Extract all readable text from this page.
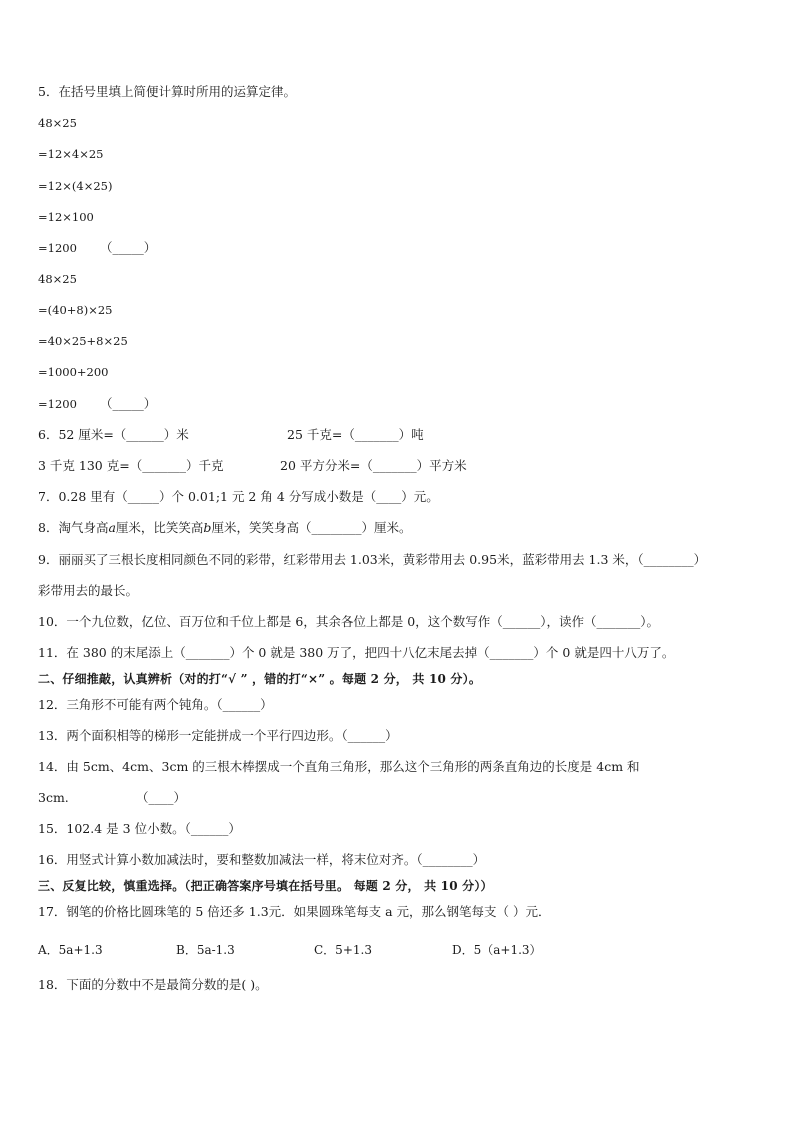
5．在括号里填上简便计算时所用的运算定律。
48×25
=12×4×25
=12×(4×25)
=12×100
=1200 （_____）
48×25
=(40+8)×25
=40×25+8×25
=1000+200
=1200 （_____）
6．52 厘米=（______）米	25 千克=（_______）吨
3 千克 130 克=（_______）千克	20 平方分米=（_______）平方米
7．0.28 里有（_____）个 0.01;1 元 2 角 4 分写成小数是（____）元。
8．淘气身高a厘米，比笑笑高b厘米，笑笑身高（________）厘米。
9．丽丽买了三根长度相同颜色不同的彩带，红彩带用去 1.03米，黄彩带用去 0.95米，蓝彩带用去 1.3 米，（________）
彩带用去的最长。
10．一个九位数，亿位、百万位和千位上都是 6，其余各位上都是 0，这个数写作（______），读作（_______）。
11．在 380 的末尾添上（_______）个 0 就是 380 万了，把四十八亿末尾去掉（_______）个 0 就是四十八万了。
二、仔细推敲，认真辨析（对的打“√ ” ，错的打“×” 。每题 2 分， 共 10 分）。
12．三角形不可能有两个钝角。（______）
13．两个面积相等的梯形一定能拼成一个平行四边形。（______）
14．由 5cm、4cm、3cm 的三根木棒摆成一个直角三角形，那么这个三角形的两条直角边的长度是 4cm 和
3cm.	（____）
15．102.4 是 3 位小数。（______）
16．用竖式计算小数加减法时，要和整数加减法一样，将末位对齐。（________）
三、反复比较，慎重选择。（把正确答案序号填在括号里。 每题 2 分， 共 10 分））
17．钢笔的价格比圆珠笔的 5 倍还多 1.3元．如果圆珠笔每支 a 元，那么钢笔每支（ ）元．
A．5a+1.3	B．5a-1.3	C．5+1.3	D．5（a+1.3）
18．下面的分数中不是最简分数的是( )。
